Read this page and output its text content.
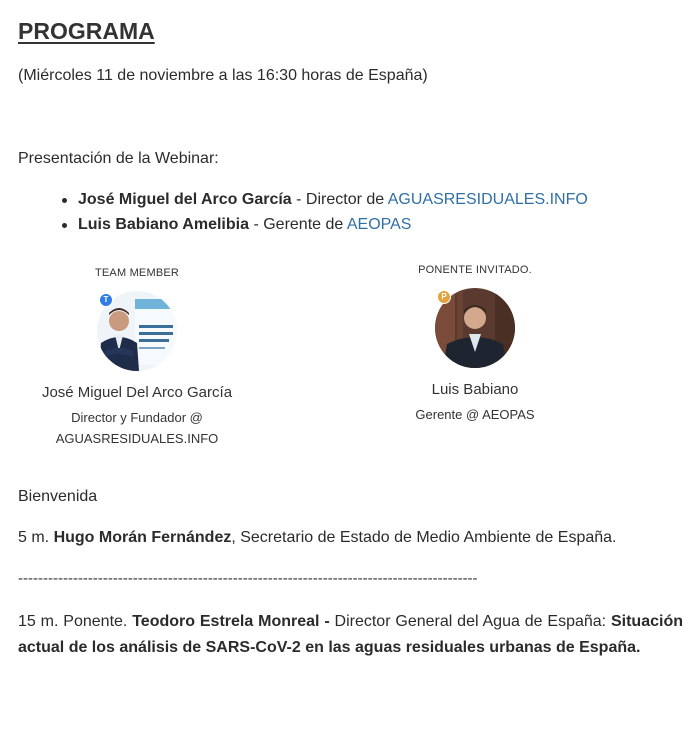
PROGRAMA
(Miércoles 11 de noviembre a las 16:30 horas de España)
Presentación de la Webinar:
José Miguel del Arco García - Director de AGUASRESIDUALES.INFO
Luis Babiano Amelibia - Gerente de AEOPAS
TEAM MEMBER
T
José Miguel Del Arco García
Director y Fundador @
AGUASRESIDUALES.INFO
PONENTE INVITADO.
P
Luis Babiano
Gerente @ AEOPAS
Bienvenida
5 m. Hugo Morán Fernández, Secretario de Estado de Medio Ambiente de España.
--------------------------------------------------------------------------------------------
15 m. Ponente. Teodoro Estrela Monreal - Director General del Agua de España: Situación actual de los análisis de SARS-CoV-2 en las aguas residuales urbanas de España.
